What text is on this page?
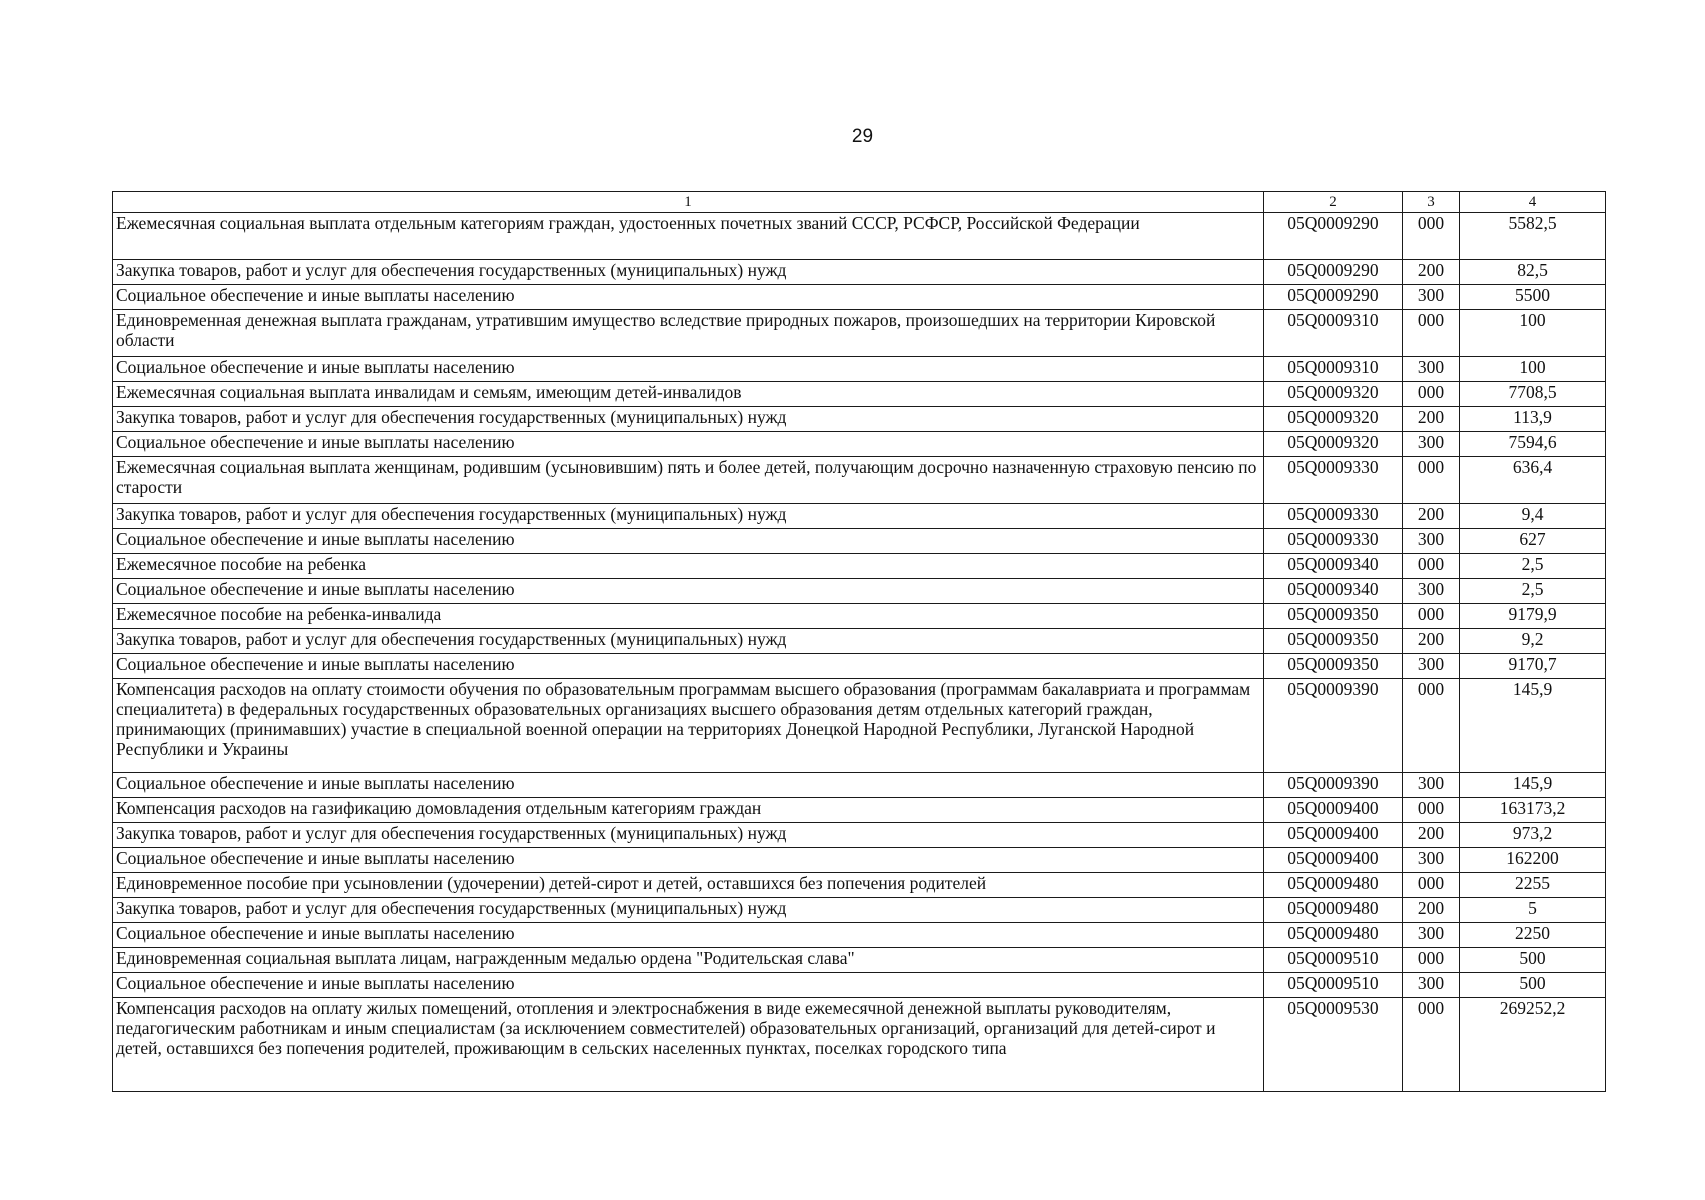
29
1	2	3	4
Ежемесячная социальная выплата отдельным категориям граждан, удостоенных почетных званий СССР, РСФСР, Российской Федерации	05Q0009290	000	5582,5
Закупка товаров, работ и услуг для обеспечения государственных (муниципальных) нужд	05Q0009290	200	82,5
Социальное обеспечение и иные выплаты населению	05Q0009290	300	5500
Единовременная денежная выплата гражданам, утратившим имущество вследствие природных пожаров, произошедших на территории Кировской области	05Q0009310	000	100
Социальное обеспечение и иные выплаты населению	05Q0009310	300	100
Ежемесячная социальная выплата инвалидам и семьям, имеющим детей-инвалидов	05Q0009320	000	7708,5
Закупка товаров, работ и услуг для обеспечения государственных (муниципальных) нужд	05Q0009320	200	113,9
Социальное обеспечение и иные выплаты населению	05Q0009320	300	7594,6
Ежемесячная социальная выплата женщинам, родившим (усыновившим) пять и более детей, получающим досрочно назначенную страховую пенсию по старости	05Q0009330	000	636,4
Закупка товаров, работ и услуг для обеспечения государственных (муниципальных) нужд	05Q0009330	200	9,4
Социальное обеспечение и иные выплаты населению	05Q0009330	300	627
Ежемесячное пособие на ребенка	05Q0009340	000	2,5
Социальное обеспечение и иные выплаты населению	05Q0009340	300	2,5
Ежемесячное пособие на ребенка-инвалида	05Q0009350	000	9179,9
Закупка товаров, работ и услуг для обеспечения государственных (муниципальных) нужд	05Q0009350	200	9,2
Социальное обеспечение и иные выплаты населению	05Q0009350	300	9170,7
Компенсация расходов на оплату стоимости обучения по образовательным программам высшего образования (программам бакалавриата и программам специалитета) в федеральных государственных образовательных организациях высшего образования детям отдельных категорий граждан, принимающих (принимавших) участие в специальной военной операции на территориях Донецкой Народной Республики, Луганской Народной Республики и Украины	05Q0009390	000	145,9
Социальное обеспечение и иные выплаты населению	05Q0009390	300	145,9
Компенсация расходов на газификацию домовладения отдельным категориям граждан	05Q0009400	000	163173,2
Закупка товаров, работ и услуг для обеспечения государственных (муниципальных) нужд	05Q0009400	200	973,2
Социальное обеспечение и иные выплаты населению	05Q0009400	300	162200
Единовременное пособие при усыновлении (удочерении) детей-сирот и детей, оставшихся без попечения родителей	05Q0009480	000	2255
Закупка товаров, работ и услуг для обеспечения государственных (муниципальных) нужд	05Q0009480	200	5
Социальное обеспечение и иные выплаты населению	05Q0009480	300	2250
Единовременная социальная выплата лицам, награжденным медалью ордена "Родительская слава"	05Q0009510	000	500
Социальное обеспечение и иные выплаты населению	05Q0009510	300	500
Компенсация расходов на оплату жилых помещений, отопления и электроснабжения в виде ежемесячной денежной выплаты руководителям, педагогическим работникам и иным специалистам (за исключением совместителей) образовательных организаций, организаций для детей-сирот и детей, оставшихся без попечения родителей, проживающим в сельских населенных пунктах, поселках городского типа	05Q0009530	000	269252,2
